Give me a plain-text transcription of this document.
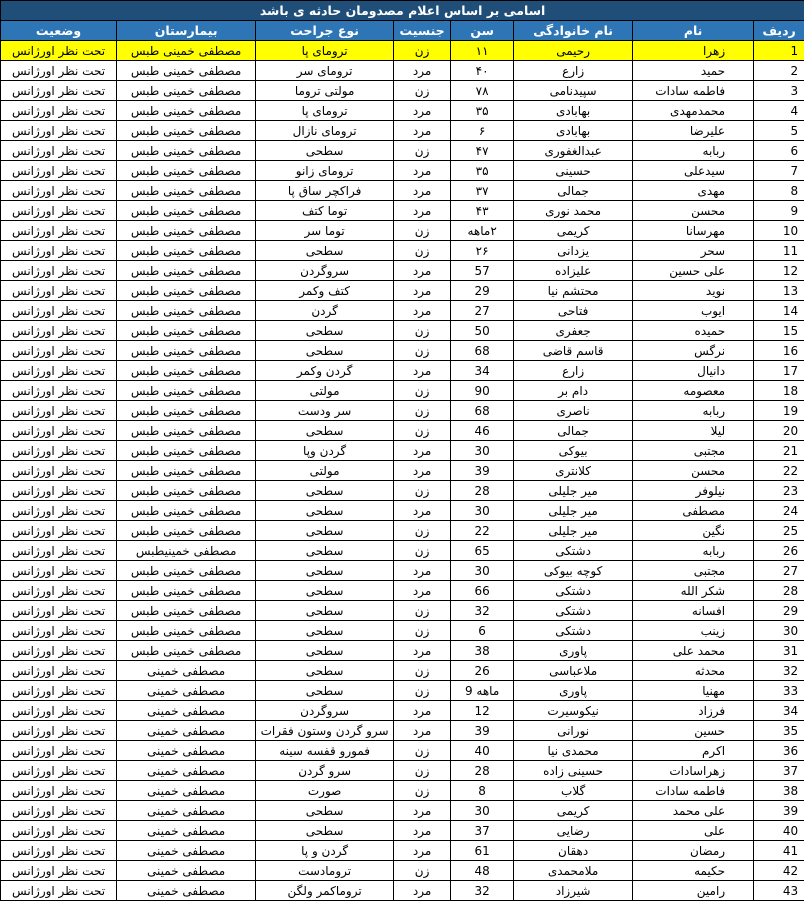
اسامی بر اساس اعلام مصدومان حادثه ی باشد							
ردیف	نام	نام خانوادگی	سن	جنسیت	نوع جراحت	بیمارستان	وضعیت
1	زهرا	رحیمی	۱۱	زن	ترومای پا	مصطفی خمینی طبس	تحت نظر اورژانس
2	حمید	زارع	۴۰	مرد	ترومای سر	مصطفی خمینی طبس	تحت نظر اورژانس
3	فاطمه سادات	سپیدنامی	۷۸	زن	مولتی تروما	مصطفی خمینی طبس	تحت نظر اورژانس
4	محمدمهدی	بهابادی	۳۵	مرد	ترومای پا	مصطفی خمینی طبس	تحت نظر اورژانس
5	علیرضا	بهابادی	۶	مرد	ترومای نازال	مصطفی خمینی طبس	تحت نظر اورژانس
6	ربابه	عبدالغفوری	۴۷	زن	سطحی	مصطفی خمینی طبس	تحت نظر اورژانس
7	سیدعلی	حسینی	۳۵	مرد	ترومای زانو	مصطفی خمینی طبس	تحت نظر اورژانس
8	مهدی	جمالی	۳۷	مرد	فراکچر ساق پا	مصطفی خمینی طبس	تحت نظر اورژانس
9	محسن	محمد نوری	۴۳	مرد	توما کتف	مصطفی خمینی طبس	تحت نظر اورژانس
10	مهرسانا	کریمی	۲ماهه	زن	توما سر	مصطفی خمینی طبس	تحت نظر اورژانس
11	سحر	یزدانی	۲۶	زن	سطحی	مصطفی خمینی طبس	تحت نظر اورژانس
12	علی حسین	علیزاده	57	مرد	سروگردن	مصطفی خمینی طبس	تحت نظر اورژانس
13	نوید	محتشم نیا	29	مرد	کتف وکمر	مصطفی خمینی طبس	تحت نظر اورژانس
14	ایوب	فتاحی	27	مرد	گردن	مصطفی خمینی طبس	تحت نظر اورژانس
15	حمیده	جعفری	50	زن	سطحی	مصطفی خمینی طبس	تحت نظر اورژانس
16	نرگس	قاسم قاضی	68	زن	سطحی	مصطفی خمینی طبس	تحت نظر اورژانس
17	دانیال	زارع	34	مرد	گردن وکمر	مصطفی خمینی طبس	تحت نظر اورژانس
18	معصومه	دام بر	90	زن	مولتی	مصطفی خمینی طبس	تحت نظر اورژانس
19	ربابه	ناصری	68	زن	سر ودست	مصطفی خمینی طبس	تحت نظر اورژانس
20	لیلا	جمالی	46	زن	سطحی	مصطفی خمینی طبس	تحت نظر اورژانس
21	مجتبی	بیوکی	30	مرد	گردن وپا	مصطفی خمینی طبس	تحت نظر اورژانس
22	محسن	کلانتری	39	مرد	مولتی	مصطفی خمینی طبس	تحت نظر اورژانس
23	نیلوفر	میر جلیلی	28	زن	سطحی	مصطفی خمینی طبس	تحت نظر اورژانس
24	مصطفی	میر جلیلی	30	مرد	سطحی	مصطفی خمینی طبس	تحت نظر اورژانس
25	نگین	میر جلیلی	22	زن	سطحی	مصطفی خمینی طبس	تحت نظر اورژانس
26	ربابه	دشتکی	65	زن	سطحی	مصطفی خمینیطبس	تحت نظر اورژانس
27	مجتبی	کوچه بیوکی	30	مرد	سطحی	مصطفی خمینی طبس	تحت نظر اورژانس
28	شکر الله	دشتکی	66	مرد	سطحی	مصطفی خمینی طبس	تحت نظر اورژانس
29	افسانه	دشتکی	32	زن	سطحی	مصطفی خمینی طبس	تحت نظر اورژانس
30	زینب	دشتکی	6	زن	سطحی	مصطفی خمینی طبس	تحت نظر اورژانس
31	محمد علی	پاوری	38	مرد	سطحی	مصطفی خمینی طبس	تحت نظر اورژانس
32	محدثه	ملاعباسی	26	زن	سطحی	مصطفی خمینی	تحت نظر اورژانس
33	مهنیا	پاوری	ماهه 9	زن	سطحی	مصطفی خمینی	تحت نظر اورژانس
34	فرزاد	نیکوسیرت	12	مرد	سروگردن	مصطفی خمینی	تحت نظر اورژانس
35	حسین	نورانی	39	مرد	سرو گردن وستون فقرات	مصطفی خمینی	تحت نظر اورژانس
36	اکرم	محمدی نیا	40	زن	فمورو قفسه سینه	مصطفی خمینی	تحت نظر اورژانس
37	زهراسادات	حسینی زاده	28	زن	سرو گردن	مصطفی خمینی	تحت نظر اورژانس
38	فاطمه سادات	گلاب	8	زن	صورت	مصطفی خمینی	تحت نظر اورژانس
39	علی محمد	کریمی	30	مرد	سطحی	مصطفی خمینی	تحت نظر اورژانس
40	علی	رضایی	37	مرد	سطحی	مصطفی خمینی	تحت نظر اورژانس
41	رمضان	دهقان	61	مرد	گردن و پا	مصطفی خمینی	تحت نظر اورژانس
42	حکیمه	ملامحمدی	48	زن	ترومادست	مصطفی خمینی	تحت نظر اورژانس
43	رامین	شیرزاد	32	مرد	تروماکمر ولگن	مصطفی خمینی	تحت نظر اورژانس
